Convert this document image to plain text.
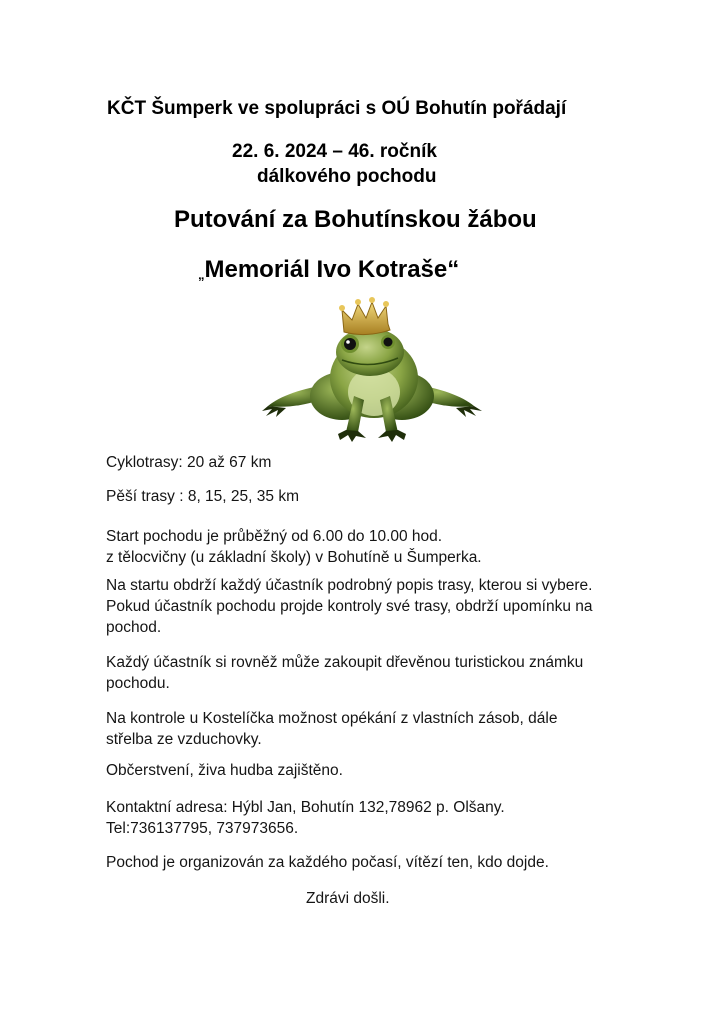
KČT Šumperk ve spolupráci s OÚ Bohutín pořádají
22. 6. 2024 – 46. ročník
dálkového pochodu
Putování za Bohutínskou žábou
„Memoriál Ivo Kotraše“
Cyklotrasy: 20 až 67 km
Pěší trasy : 8, 15, 25, 35 km
Start pochodu je průběžný od 6.00 do 10.00 hod.
z tělocvičny (u základní školy) v Bohutíně u Šumperka.
Na startu obdrží každý účastník podrobný popis trasy, kterou si vybere.
Pokud účastník pochodu projde kontroly své trasy, obdrží upomínku na
pochod.
Každý účastník si rovněž může zakoupit dřevěnou turistickou známku
pochodu.
Na kontrole u Kostelíčka možnost opékání z vlastních zásob, dále
střelba ze vzduchovky.
Občerstvení, živa hudba zajištěno.
Kontaktní adresa: Hýbl Jan, Bohutín 132,78962 p. Olšany.
Tel:736137795, 737973656.
Pochod je organizován za každého počasí, vítězí ten, kdo dojde.
Zdrávi došli.
